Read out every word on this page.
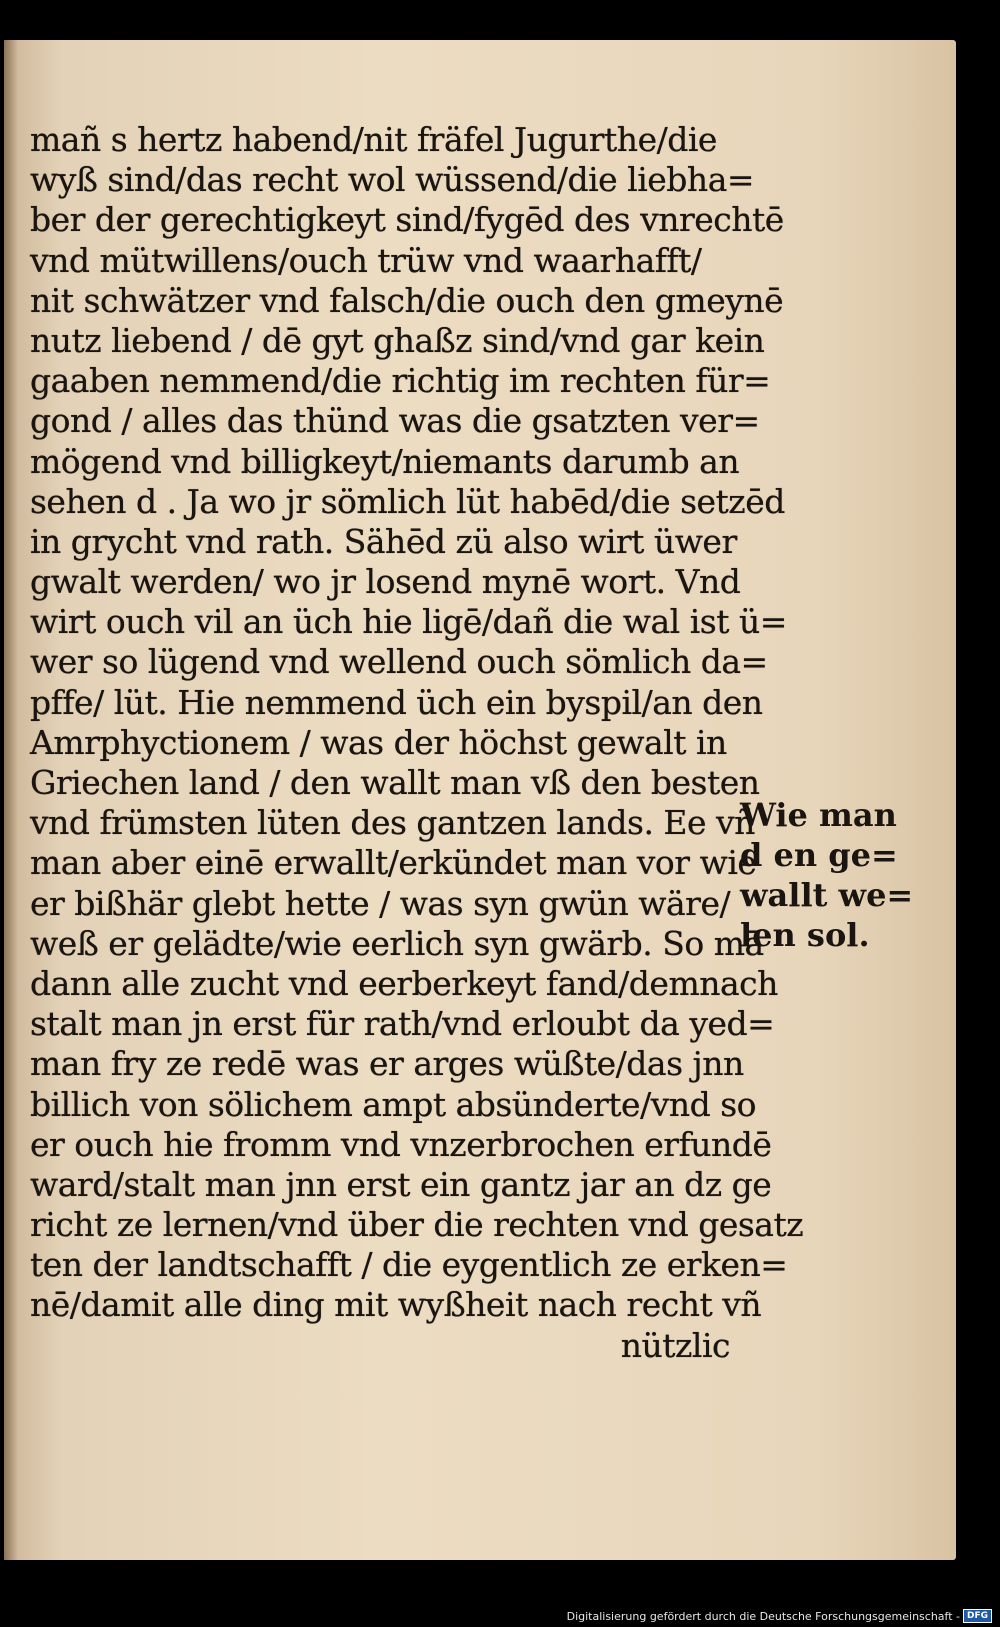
mañ s hertz habend/nit fräfel Jugurthe/die
wyß sind/das recht wol wüssend/die liebha=
ber der gerechtigkeyt sind/fygēd des vnrechtē
vnd mütwillens/ouch trüw vnd waarhafft/
nit schwätzer vnd falsch/die ouch den gmeynē
nutz liebend / dē gyt ghaßz sind/vnd gar kein
gaaben nemmend/die richtig im rechten für=
gond / alles das thünd was die gsatzten ver=
mögend vnd billigkeyt/niemants darumb an
sehen d . Ja wo jr sömlich lüt habēd/die setzēd
in grycht vnd rath. Sähēd zü also wirt üwer
gwalt werden/ wo jr losend mynē wort. Vnd
wirt ouch vil an üch hie ligē/dañ die wal ist ü=
wer so lügend vnd wellend ouch sömlich da=
pffe/ lüt. Hie nemmend üch ein byspil/an den
Amrphyctionem / was der höchst gewalt in
Griechen land / den wallt man vß den besten
vnd frümsten lüten des gantzen lands. Ee vñ
man aber einē erwallt/erkündet man vor wie
er bißhär glebt hette / was syn gwün wäre/
weß er gelädte/wie eerlich syn gwärb. So mā
dann alle zucht vnd eerberkeyt fand/demnach
stalt man jn erst für rath/vnd erloubt da yed=
man fry ze redē was er arges wüßte/das jnn
billich von sölichem ampt absünderte/vnd so
er ouch hie fromm vnd vnzerbrochen erfundē
ward/stalt man jnn erst ein gantz jar an dz ge
richt ze lernen/vnd über die rechten vnd gesatz
ten der landtschafft / die eygentlich ze erken=
nē/damit alle ding mit wyßheit nach recht vñ
nützlic
Wie man
d en ge=
wallt we=
len sol.
Digitalisierung gefördert durch die Deutsche Forschungsgemeinschaft - DFG
